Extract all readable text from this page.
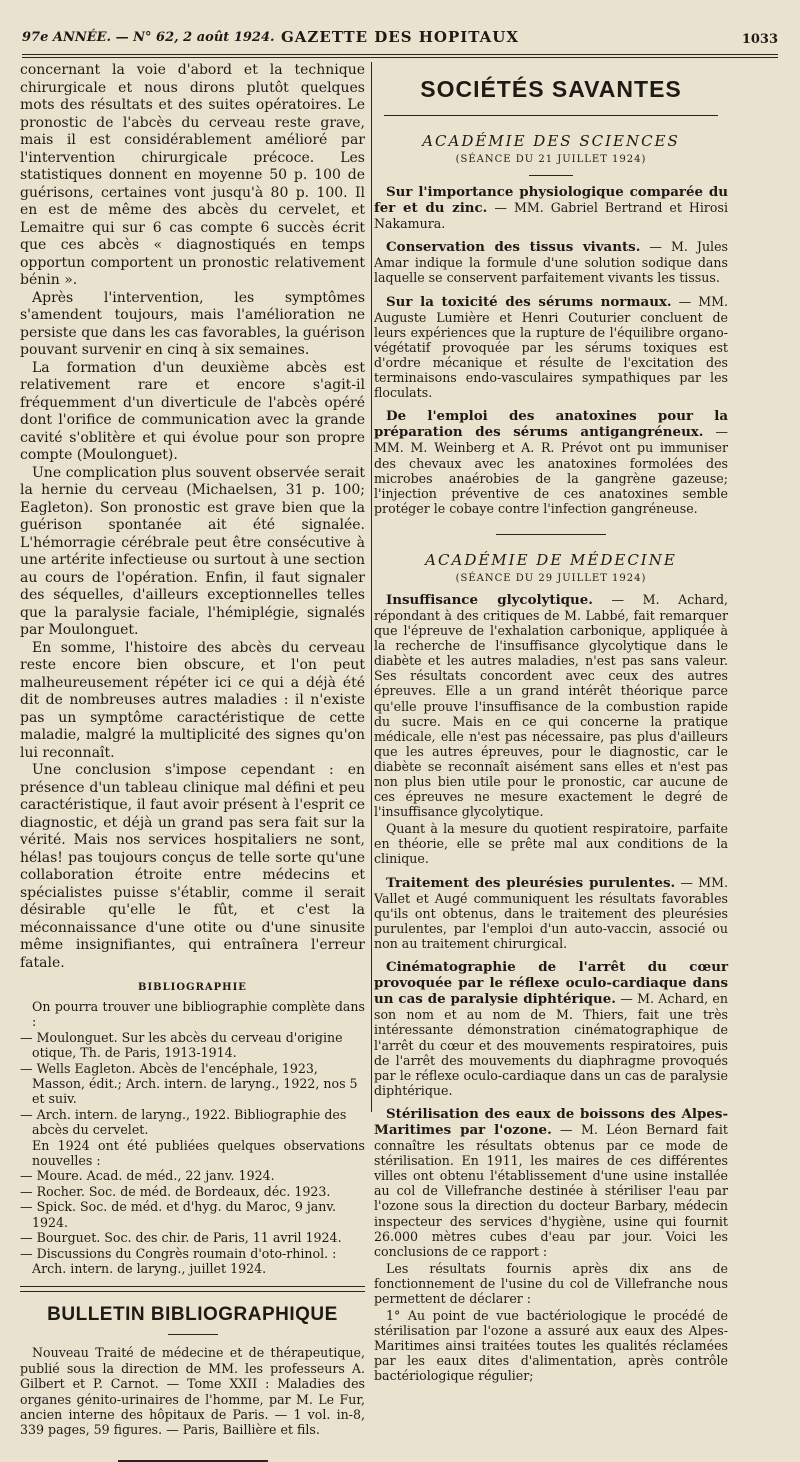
97e ANNÉE. — N° 62, 2 août 1924. GAZETTE DES HOPITAUX	1033

concernant la voie d'abord et la technique chirurgicale et nous dirons plutôt quelques mots des résultats et des suites opératoires. Le pronostic de l'abcès du cerveau reste grave, mais il est considérablement amélioré par l'intervention chirurgicale précoce. Les statistiques donnent en moyenne 50 p. 100 de guérisons, certaines vont jusqu'à 80 p. 100. Il en est de même des abcès du cervelet, et Lemaitre qui sur 6 cas compte 6 succès écrit que ces abcès « diagnostiqués en temps opportun comportent un pronostic relativement bénin ».

Après l'intervention, les symptômes s'amendent toujours, mais l'amélioration ne persiste que dans les cas favorables, la guérison pouvant survenir en cinq à six semaines.

La formation d'un deuxième abcès est relativement rare et encore s'agit-il fréquemment d'un diverticule de l'abcès opéré dont l'orifice de communication avec la grande cavité s'oblitère et qui évolue pour son propre compte (Moulonguet).

Une complication plus souvent observée serait la hernie du cerveau (Michaelsen, 31 p. 100; Eagleton). Son pronostic est grave bien que la guérison spontanée ait été signalée. L'hémorragie cérébrale peut être consécutive à une artérite infectieuse ou surtout à une section au cours de l'opération. Enfin, il faut signaler des séquelles, d'ailleurs exceptionnelles telles que la paralysie faciale, l'hémiplégie, signalés par Moulonguet.

En somme, l'histoire des abcès du cerveau reste encore bien obscure, et l'on peut malheureusement répéter ici ce qui a déjà été dit de nombreuses autres maladies : il n'existe pas un symptôme caractéristique de cette maladie, malgré la multiplicité des signes qu'on lui reconnaît.

Une conclusion s'impose cependant : en présence d'un tableau clinique mal défini et peu caractéristique, il faut avoir présent à l'esprit ce diagnostic, et déjà un grand pas sera fait sur la vérité. Mais nos services hospitaliers ne sont, hélas! pas toujours conçus de telle sorte qu'une collaboration étroite entre médecins et spécialistes puisse s'établir, comme il serait désirable qu'elle le fût, et c'est la méconnaissance d'une otite ou d'une sinusite même insignifiantes, qui entraînera l'erreur fatale.

BIBLIOGRAPHIE

On pourra trouver une bibliographie complète dans :

— Moulonguet. Sur les abcès du cerveau d'origine otique, Th. de Paris, 1913-1914.

— Wells Eagleton. Abcès de l'encéphale, 1923, Masson, édit.; Arch. intern. de laryng., 1922, nos 5 et suiv.

— Arch. intern. de laryng., 1922. Bibliographie des abcès du cervelet.

En 1924 ont été publiées quelques observations nouvelles :

— Moure. Acad. de méd., 22 janv. 1924.

— Rocher. Soc. de méd. de Bordeaux, déc. 1923.

— Spick. Soc. de méd. et d'hyg. du Maroc, 9 janv. 1924.

— Bourguet. Soc. des chir. de Paris, 11 avril 1924.

— Discussions du Congrès roumain d'oto-rhinol. : Arch. intern. de laryng., juillet 1924.

BULLETIN BIBLIOGRAPHIQUE

Nouveau Traité de médecine et de thérapeutique, publié sous la direction de MM. les professeurs A. Gilbert et P. Carnot. — Tome XXII : Maladies des organes génito-urinaires de l'homme, par M. Le Fur, ancien interne des hôpitaux de Paris. — 1 vol. in-8, 339 pages, 59 figures. — Paris, Baillière et fils.

SOCIÉTÉS SAVANTES
ACADÉMIE DES SCIENCES
(SÉANCE DU 21 JUILLET 1924)

Sur l'importance physiologique comparée du fer et du zinc. — MM. Gabriel Bertrand et Hirosi Nakamura.

Conservation des tissus vivants. — M. Jules Amar indique la formule d'une solution sodique dans laquelle se conservent parfaitement vivants les tissus.

Sur la toxicité des sérums normaux. — MM. Auguste Lumière et Henri Couturier concluent de leurs expériences que la rupture de l'équilibre organo-végétatif provoquée par les sérums toxiques est d'ordre mécanique et résulte de l'excitation des terminaisons endo-vasculaires sympathiques par les floculats.

De l'emploi des anatoxines pour la préparation des sérums antigangréneux. — MM. M. Weinberg et A. R. Prévot ont pu immuniser des chevaux avec les anatoxines formolées des microbes anaérobies de la gangrène gazeuse; l'injection préventive de ces anatoxines semble protéger le cobaye contre l'infection gangréneuse.

ACADÉMIE DE MÉDECINE
(SÉANCE DU 29 JUILLET 1924)

Insuffisance glycolytique. — M. Achard, répondant à des critiques de M. Labbé, fait remarquer que l'épreuve de l'exhalation carbonique, appliquée à la recherche de l'insuffisance glycolytique dans le diabète et les autres maladies, n'est pas sans valeur. Ses résultats concordent avec ceux des autres épreuves. Elle a un grand intérêt théorique parce qu'elle prouve l'insuffisance de la combustion rapide du sucre. Mais en ce qui concerne la pratique médicale, elle n'est pas nécessaire, pas plus d'ailleurs que les autres épreuves, pour le diagnostic, car le diabète se reconnaît aisément sans elles et n'est pas non plus bien utile pour le pronostic, car aucune de ces épreuves ne mesure exactement le degré de l'insuffisance glycolytique.

Quant à la mesure du quotient respiratoire, parfaite en théorie, elle se prête mal aux conditions de la clinique.

Traitement des pleurésies purulentes. — MM. Vallet et Augé communiquent les résultats favorables qu'ils ont obtenus, dans le traitement des pleurésies purulentes, par l'emploi d'un auto-vaccin, associé ou non au traitement chirurgical.

Cinématographie de l'arrêt du cœur provoquée par le réflexe oculo-cardiaque dans un cas de paralysie diphtérique. — M. Achard, en son nom et au nom de M. Thiers, fait une très intéressante démonstration cinématographique de l'arrêt du cœur et des mouvements respiratoires, puis de l'arrêt des mouvements du diaphragme provoqués par le réflexe oculo-cardiaque dans un cas de paralysie diphtérique.

Stérilisation des eaux de boissons des Alpes-Maritimes par l'ozone. — M. Léon Bernard fait connaître les résultats obtenus par ce mode de stérilisation. En 1911, les maires de ces différentes villes ont obtenu l'établissement d'une usine installée au col de Villefranche destinée à stériliser l'eau par l'ozone sous la direction du docteur Barbary, médecin inspecteur des services d'hygiène, usine qui fournit 26.000 mètres cubes d'eau par jour. Voici les conclusions de ce rapport :

Les résultats fournis après dix ans de fonctionnement de l'usine du col de Villefranche nous permettent de déclarer :

1° Au point de vue bactériologique le procédé de stérilisation par l'ozone a assuré aux eaux des Alpes-Maritimes ainsi traitées toutes les qualités réclamées par les eaux dites d'alimentation, après contrôle bactériologique régulier;
